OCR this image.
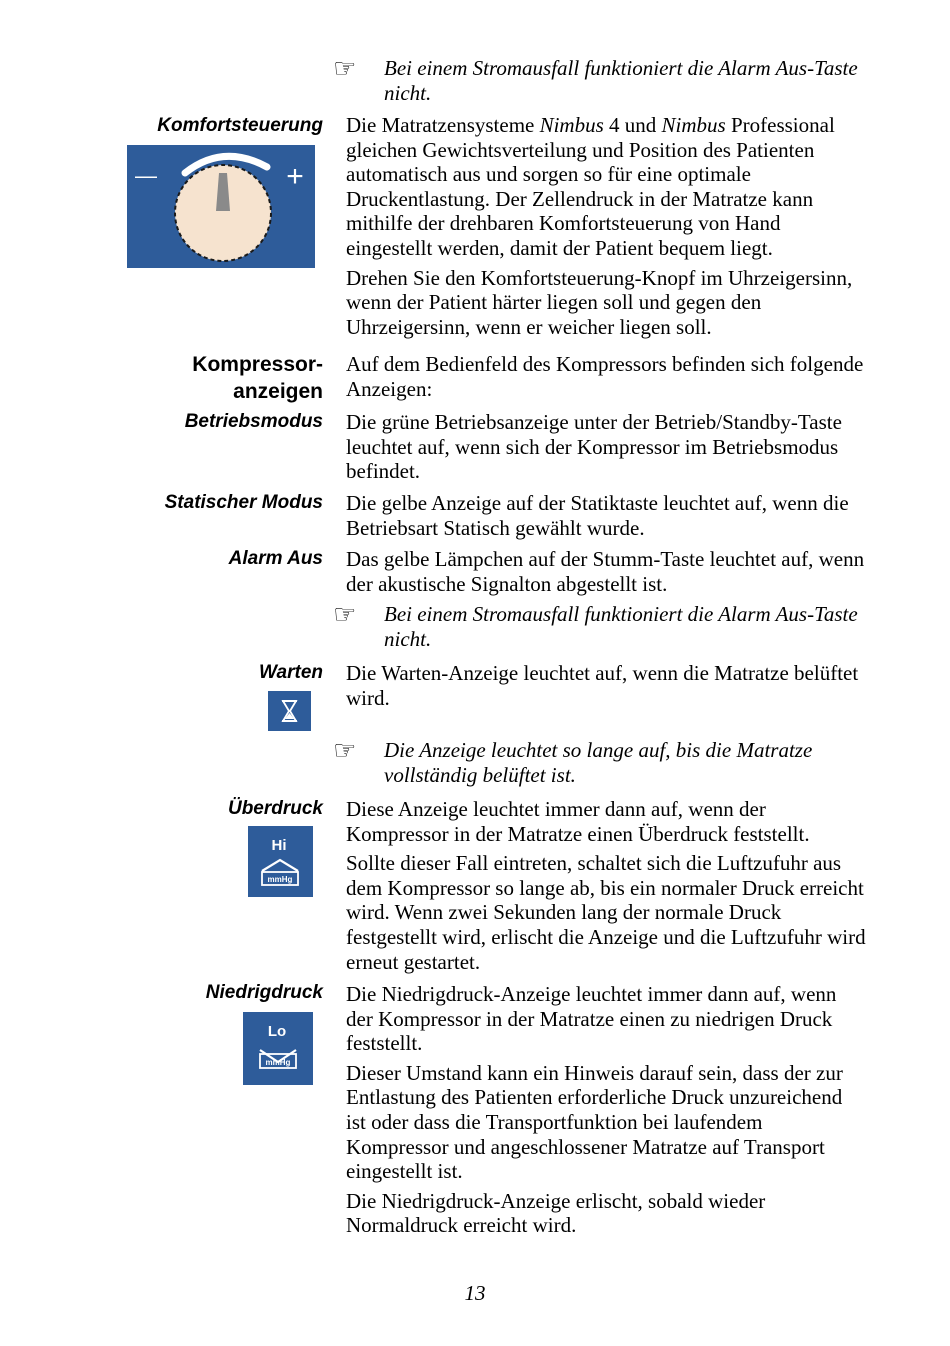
☞ Bei einem Stromausfall funktioniert die Alarm Aus-Taste nicht.
Komfortsteuerung Die Matratzensysteme Nimbus 4 und Nimbus Professional gleichen Gewichtsverteilung und Position des Patienten automatisch aus und sorgen so für eine optimale Druckentlastung. Der Zellendruck in der Matratze kann mithilfe der drehbaren Komfortsteuerung von Hand eingestellt werden, damit der Patient bequem liegt.

Drehen Sie den Komfortsteuerung-Knopf im Uhrzeigersinn, wenn der Patient härter liegen soll und gegen den Uhrzeigersinn, wenn er weicher liegen soll.

—	+
Kompressor-
anzeigen
Auf dem Bedienfeld des Kompressors befinden sich folgende Anzeigen:
Betriebsmodus Die grüne Betriebsanzeige unter der Betrieb/Standby-Taste leuchtet auf, wenn sich der Kompressor im Betriebsmodus befindet.
Statischer Modus Die gelbe Anzeige auf der Statiktaste leuchtet auf, wenn die Betriebsart Statisch gewählt wurde.
Alarm Aus Das gelbe Lämpchen auf der Stumm-Taste leuchtet auf, wenn der akustische Signalton abgestellt ist.
☞ Bei einem Stromausfall funktioniert die Alarm Aus-Taste nicht.
Warten Die Warten-Anzeige leuchtet auf, wenn die Matratze belüftet wird.
☞ Die Anzeige leuchtet so lange auf, bis die Matratze vollständig belüftet ist.
Überdruck Diese Anzeige leuchtet immer dann auf, wenn der Kompressor in der Matratze einen Überdruck feststellt.

Sollte dieser Fall eintreten, schaltet sich die Luftzufuhr aus dem Kompressor so lange ab, bis ein normaler Druck erreicht wird. Wenn zwei Sekunden lang der normale Druck festgestellt wird, erlischt die Anzeige und die Luftzufuhr wird erneut gestartet.

Hi
mmHg
Niedrigdruck Die Niedrigdruck-Anzeige leuchtet immer dann auf, wenn der Kompressor in der Matratze einen zu niedrigen Druck feststellt.

Dieser Umstand kann ein Hinweis darauf sein, dass der zur Entlastung des Patienten erforderliche Druck unzureichend ist oder dass die Transportfunktion bei laufendem Kompressor und angeschlossener Matratze auf Transport eingestellt ist.

Die Niedrigdruck-Anzeige erlischt, sobald wieder Normaldruck erreicht wird.

Lo
mmHg
13
